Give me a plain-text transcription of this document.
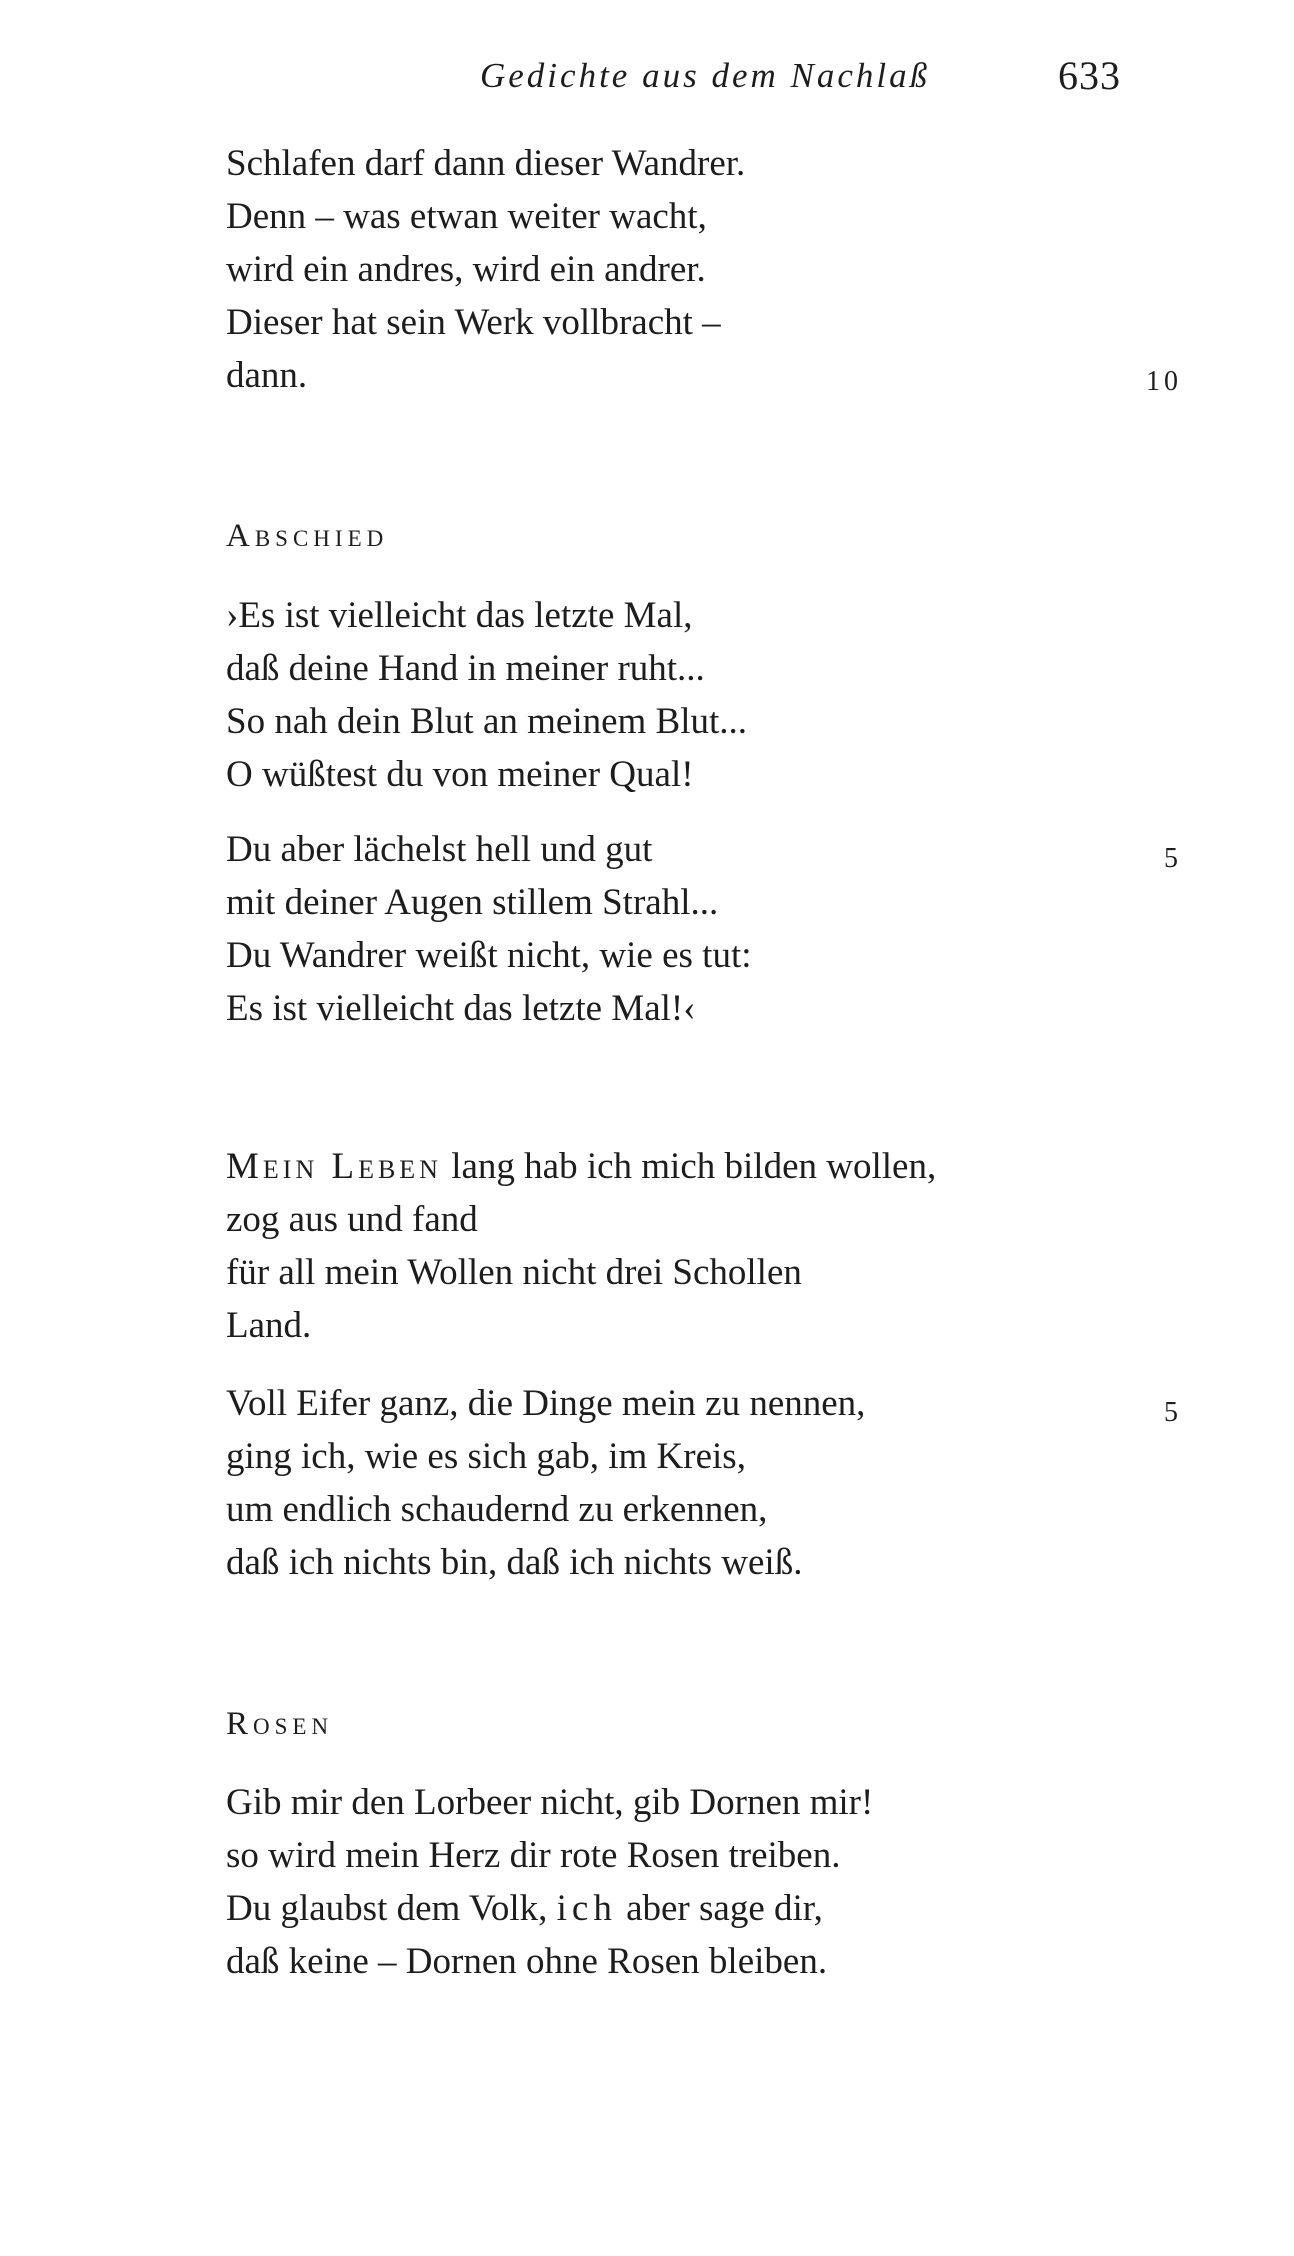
Gedichte aus dem Nachlaß	633
Schlafen darf dann dieser Wandrer.
Denn – was etwan weiter wacht,
wird ein andres, wird ein andrer.
Dieser hat sein Werk vollbracht –
dann.	10
Abschied
›Es ist vielleicht das letzte Mal,
daß deine Hand in meiner ruht...
So nah dein Blut an meinem Blut...
O wüßtest du von meiner Qual!
Du aber lächelst hell und gut	5
mit deiner Augen stillem Strahl...
Du Wandrer weißt nicht, wie es tut:
Es ist vielleicht das letzte Mal!‹
Mein Leben lang hab ich mich bilden wollen,
zog aus und fand
für all mein Wollen nicht drei Schollen
Land.
Voll Eifer ganz, die Dinge mein zu nennen,	5
ging ich, wie es sich gab, im Kreis,
um endlich schaudernd zu erkennen,
daß ich nichts bin, daß ich nichts weiß.
Rosen
Gib mir den Lorbeer nicht, gib Dornen mir!
so wird mein Herz dir rote Rosen treiben.
Du glaubst dem Volk, ich aber sage dir,
daß keine – Dornen ohne Rosen bleiben.
